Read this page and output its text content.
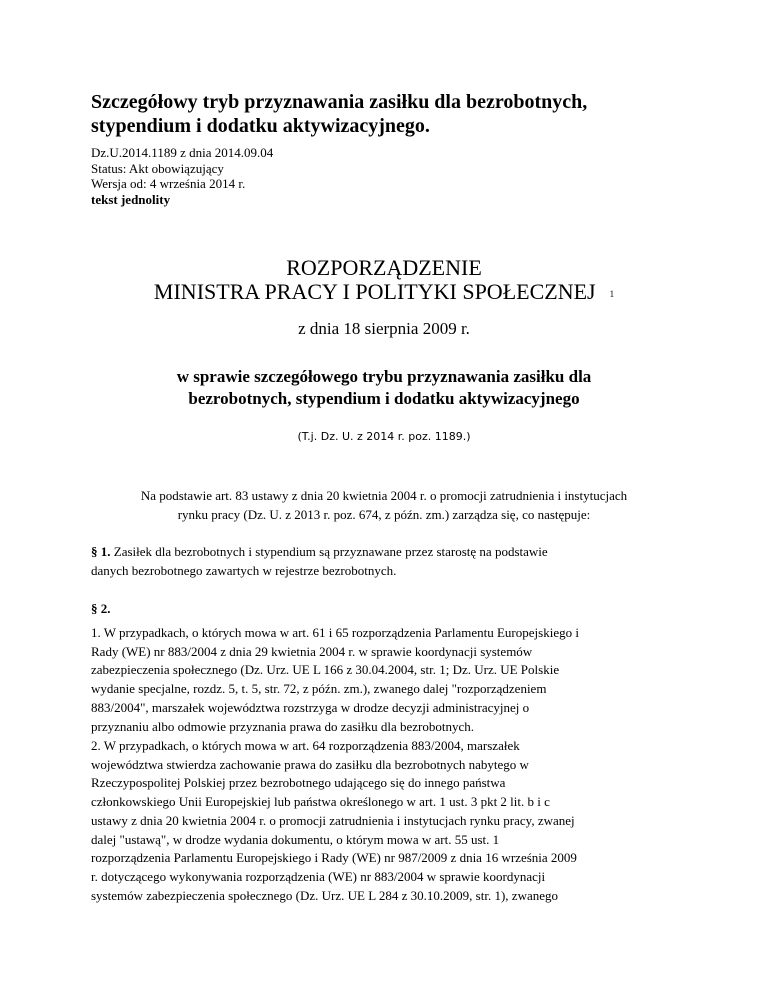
Szczegółowy tryb przyznawania zasiłku dla bezrobotnych,
stypendium i dodatku aktywizacyjnego.
Dz.U.2014.1189 z dnia 2014.09.04
Status: Akt obowiązujący
Wersja od: 4 września 2014 r.
tekst jednolity
ROZPORZĄDZENIE
MINISTRA PRACY I POLITYKI SPOŁECZNEJ 1
z dnia 18 sierpnia 2009 r.
w sprawie szczegółowego trybu przyznawania zasiłku dla
bezrobotnych, stypendium i dodatku aktywizacyjnego
(T.j. Dz. U. z 2014 r. poz. 1189.)
Na podstawie art. 83 ustawy z dnia 20 kwietnia 2004 r. o promocji zatrudnienia i instytucjach
rynku pracy (Dz. U. z 2013 r. poz. 674, z późn. zm.) zarządza się, co następuje:
§ 1. Zasiłek dla bezrobotnych i stypendium są przyznawane przez starostę na podstawie
danych bezrobotnego zawartych w rejestrze bezrobotnych.
§ 2.
1. W przypadkach, o których mowa w art. 61 i 65 rozporządzenia Parlamentu Europejskiego i
Rady (WE) nr 883/2004 z dnia 29 kwietnia 2004 r. w sprawie koordynacji systemów
zabezpieczenia społecznego (Dz. Urz. UE L 166 z 30.04.2004, str. 1; Dz. Urz. UE Polskie
wydanie specjalne, rozdz. 5, t. 5, str. 72, z późn. zm.), zwanego dalej "rozporządzeniem
883/2004", marszałek województwa rozstrzyga w drodze decyzji administracyjnej o
przyznaniu albo odmowie przyznania prawa do zasiłku dla bezrobotnych.
2. W przypadkach, o których mowa w art. 64 rozporządzenia 883/2004, marszałek
województwa stwierdza zachowanie prawa do zasiłku dla bezrobotnych nabytego w
Rzeczypospolitej Polskiej przez bezrobotnego udającego się do innego państwa
członkowskiego Unii Europejskiej lub państwa określonego w art. 1 ust. 3 pkt 2 lit. b i c
ustawy z dnia 20 kwietnia 2004 r. o promocji zatrudnienia i instytucjach rynku pracy, zwanej
dalej "ustawą", w drodze wydania dokumentu, o którym mowa w art. 55 ust. 1
rozporządzenia Parlamentu Europejskiego i Rady (WE) nr 987/2009 z dnia 16 września 2009
r. dotyczącego wykonywania rozporządzenia (WE) nr 883/2004 w sprawie koordynacji
systemów zabezpieczenia społecznego (Dz. Urz. UE L 284 z 30.10.2009, str. 1), zwanego
